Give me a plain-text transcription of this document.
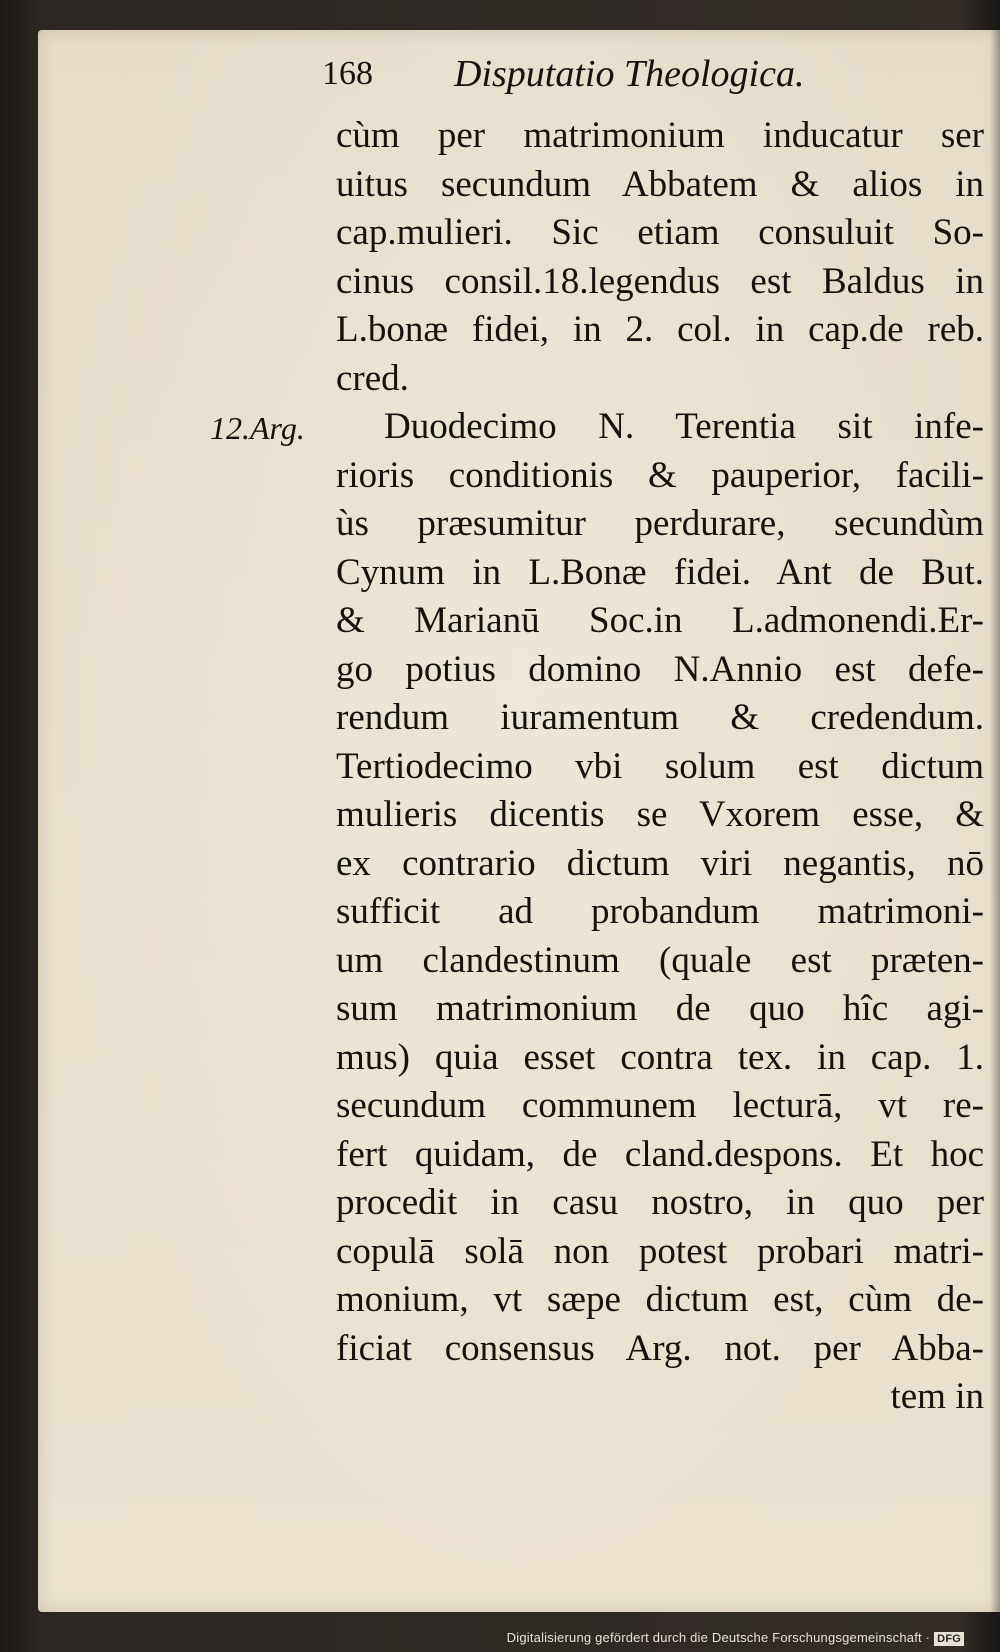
168 Disputatio Theologica.
12.Arg.
cùm per matrimonium inducatur ser
uitus secundum Abbatem & alios in
cap.mulieri. Sic etiam consuluit So-
cinus consil.18.legendus est Baldus in
L.bonæ fidei, in 2. col. in cap.de reb.
cred.
Duodecimo N. Terentia sit infe-
rioris conditionis & pauperior, facili-
ùs præsumitur perdurare, secundùm
Cynum in L.Bonæ fidei. Ant de But.
& Marianū Soc.in L.admonendi.Er-
go potius domino N.Annio est defe-
rendum iuramentum & credendum.
Tertiodecimo vbi solum est dictum
mulieris dicentis se Vxorem esse, &
ex contrario dictum viri negantis, nō
sufficit ad probandum matrimoni-
um clandestinum (quale est præten-
sum matrimonium de quo hîc agi-
mus) quia esset contra tex. in cap. 1.
secundum communem lecturā, vt re-
fert quidam, de cland.despons. Et hoc
procedit in casu nostro, in quo per
copulā solā non potest probari matri-
monium, vt sæpe dictum est, cùm de-
ficiat consensus Arg. not. per Abba-
tem in
Digitalisierung gefördert durch die Deutsche Forschungsgemeinschaft · DFG
